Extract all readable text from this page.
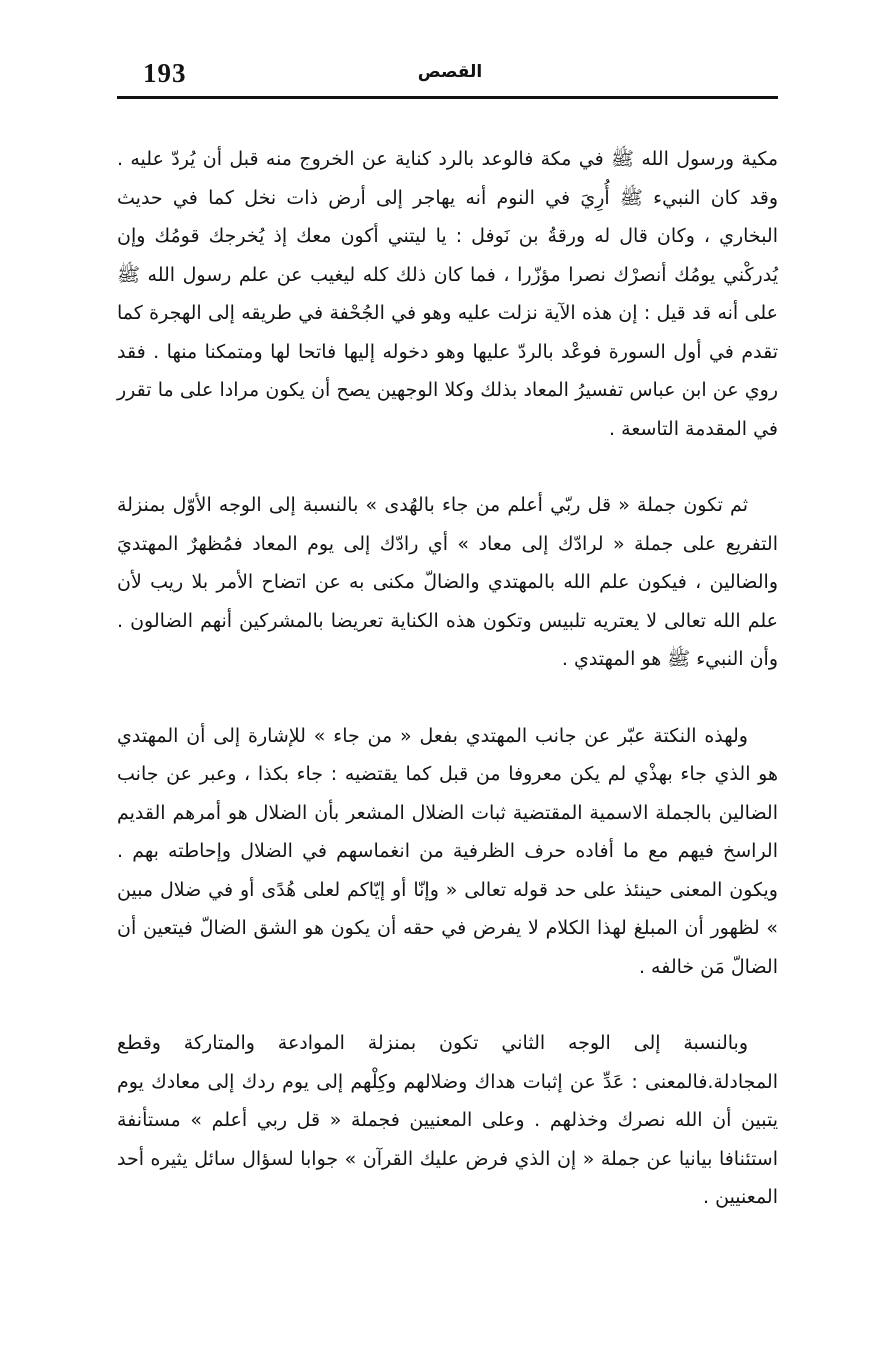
193	القصص

مكية ورسول الله ﷺ في مكة فالوعد بالرد كناية عن الخروج منه قبل أن يُردّ عليه . وقد كان النبيء ﷺ أُرِيَ في النوم أنه يهاجر إلى أرض ذات نخل كما في حديث البخاري ، وكان قال له ورقةُ بن نَوفل : يا ليتني أكون معك إذ يُخرجك قومُك وإن يُدركْني يومُك أنصرْك نصرا مؤزّرا ، فما كان ذلك كله ليغيب عن علم رسول الله ﷺ على أنه قد قيل : إن هذه الآية نزلت عليه وهو في الجُحْفة في طريقه إلى الهجرة كما تقدم في أول السورة فوعْد بالردّ عليها وهو دخوله إليها فاتحا لها ومتمكنا منها . فقد روي عن ابن عباس تفسيرُ المعاد بذلك وكلا الوجهين يصح أن يكون مرادا على ما تقرر في المقدمة التاسعة .

ثم تكون جملة « قل ربّي أعلم من جاء بالهُدى » بالنسبة إلى الوجه الأوّل بمنزلة التفريع على جملة « لرادّك إلى معاد » أي رادّك إلى يوم المعاد فمُظهرٌ المهتديَ والضالين ، فيكون علم الله بالمهتدي والضالّ مكنى به عن اتضاح الأمر بلا ريب لأن علم الله تعالى لا يعتريه تلبيس وتكون هذه الكناية تعريضا بالمشركين أنهم الضالون . وأن النبيء ﷺ هو المهتدي .

ولهذه النكتة عبّر عن جانب المهتدي بفعل « من جاء » للإشارة إلى أن المهتدي هو الذي جاء بهذْي لم يكن معروفا من قبل كما يقتضيه : جاء بكذا ، وعبر عن جانب الضالين بالجملة الاسمية المقتضية ثبات الضلال المشعر بأن الضلال هو أمرهم القديم الراسخ فيهم مع ما أفاده حرف الظرفية من انغماسهم في الضلال وإحاطته بهم . ويكون المعنى حينئذ على حد قوله تعالى « وإنّا أو إيّاكم لعلى هُدًى أو في ضلال مبين » لظهور أن المبلغ لهذا الكلام لا يفرض في حقه أن يكون هو الشق الضالّ فيتعين أن الضالّ مَن خالفه .

وبالنسبة إلى الوجه الثاني تكون بمنزلة الموادعة والمتاركة وقطع المجادلة.فالمعنى : عَدِّ عن إثبات هداك وضلالهم وكِلْهم إلى يوم ردك إلى معادك يوم يتبين أن الله نصرك وخذلهم . وعلى المعنيين فجملة « قل ربي أعلم » مستأنفة استئنافا بيانيا عن جملة « إن الذي فرض عليك القرآن » جوابا لسؤال سائل يثيره أحد المعنيين .
